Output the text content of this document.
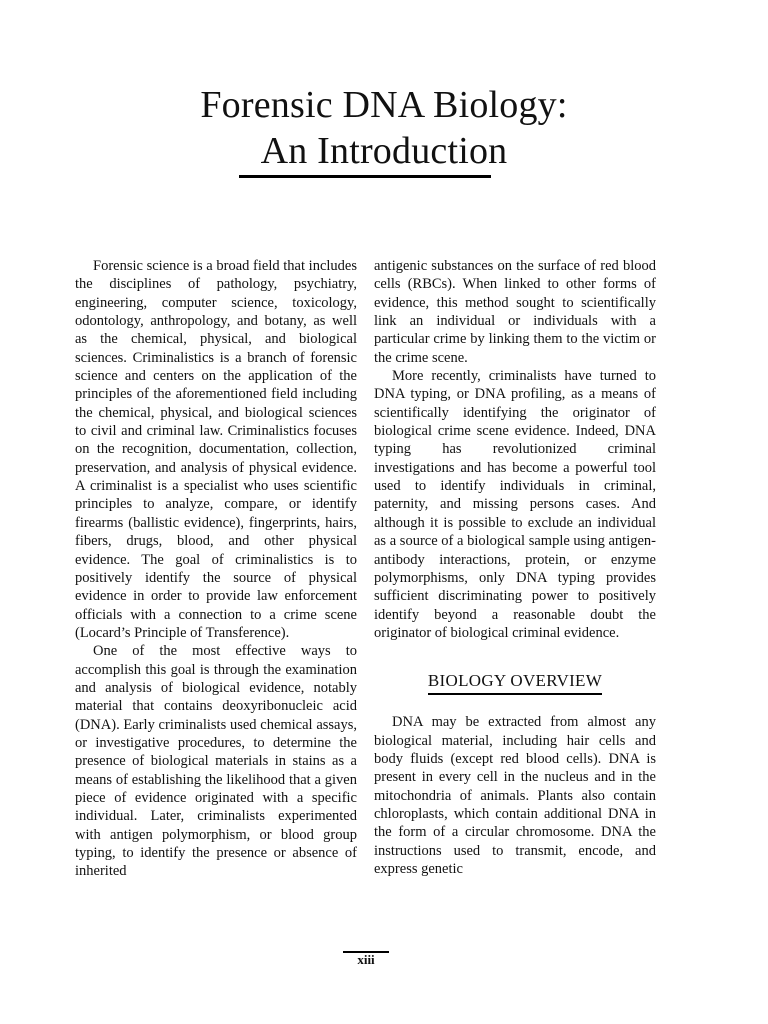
Forensic DNA Biology:
An Introduction

Forensic science is a broad field that includes the disciplines of pathology, psychiatry, engineering, computer science, toxicology, odontology, anthropology, and botany, as well as the chemical, physical, and biological sciences. Criminalistics is a branch of forensic science and centers on the application of the principles of the aforementioned field including the chemical, physical, and biological sciences to civil and criminal law. Criminalistics focuses on the recognition, documentation, collection, preservation, and analysis of physical evidence. A criminalist is a specialist who uses scientific principles to analyze, compare, or identify firearms (ballistic evidence), fingerprints, hairs, fibers, drugs, blood, and other physical evidence. The goal of criminalistics is to positively identify the source of physical evidence in order to provide law enforcement officials with a connection to a crime scene (Locard’s Principle of Transference).

One of the most effective ways to accomplish this goal is through the examination and analysis of biological evidence, notably material that contains deoxyribonucleic acid (DNA). Early criminalists used chemical assays, or investigative procedures, to determine the presence of biological materials in stains as a means of establishing the likelihood that a given piece of evidence originated with a specific individual. Later, criminalists experimented with antigen polymorphism, or blood group typing, to identify the presence or absence of inherited

antigenic substances on the surface of red blood cells (RBCs). When linked to other forms of evidence, this method sought to scientifically link an individual or individuals with a particular crime by linking them to the victim or the crime scene.

More recently, criminalists have turned to DNA typing, or DNA profiling, as a means of scientifically identifying the originator of biological crime scene evidence. Indeed, DNA typing has revolutionized criminal investigations and has become a powerful tool used to identify individuals in criminal, paternity, and missing persons cases. And although it is possible to exclude an individual as a source of a biological sample using antigen-antibody interactions, protein, or enzyme polymorphisms, only DNA typing provides sufficient discriminating power to positively identify beyond a reasonable doubt the originator of biological criminal evidence.

BIOLOGY OVERVIEW

DNA may be extracted from almost any biological material, including hair cells and body fluids (except red blood cells). DNA is present in every cell in the nucleus and in the mitochondria of animals. Plants also contain chloroplasts, which contain additional DNA in the form of a circular chromosome. DNA the instructions used to transmit, encode, and express genetic

xiii
